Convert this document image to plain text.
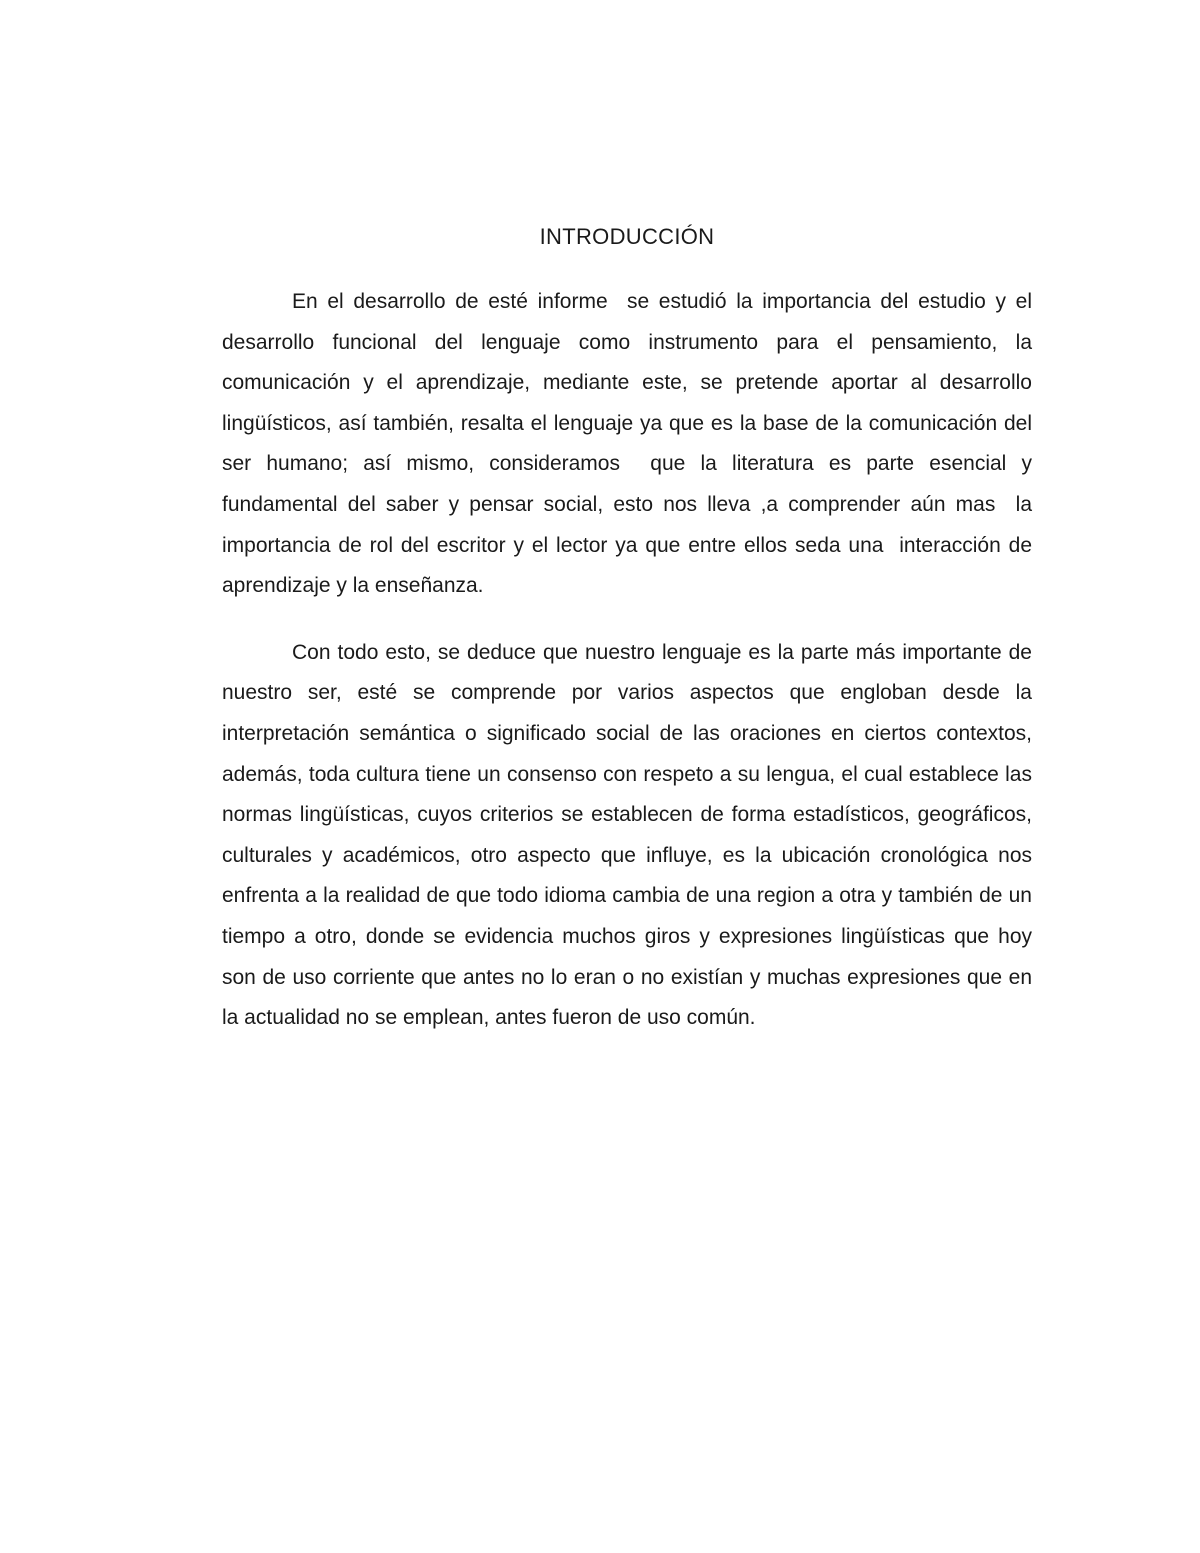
INTRODUCCIÓN

En el desarrollo de esté informe  se estudió la importancia del estudio y el desarrollo funcional del lenguaje como instrumento para el pensamiento, la comunicación y el aprendizaje, mediante este, se pretende aportar al desarrollo lingüísticos, así también, resalta el lenguaje ya que es la base de la comunicación del ser humano; así mismo, consideramos  que la literatura es parte esencial y fundamental del saber y pensar social, esto nos lleva ,a comprender aún mas  la importancia de rol del escritor y el lector ya que entre ellos seda una  interacción de aprendizaje y la enseñanza.

Con todo esto, se deduce que nuestro lenguaje es la parte más importante de nuestro ser, esté se comprende por varios aspectos que engloban desde la interpretación semántica o significado social de las oraciones en ciertos contextos, además, toda cultura tiene un consenso con respeto a su lengua, el cual establece las normas lingüísticas, cuyos criterios se establecen de forma estadísticos, geográficos, culturales y académicos, otro aspecto que influye, es la ubicación cronológica nos enfrenta a la realidad de que todo idioma cambia de una region a otra y también de un tiempo a otro, donde se evidencia muchos giros y expresiones lingüísticas que hoy son de uso corriente que antes no lo eran o no existían y muchas expresiones que en la actualidad no se emplean, antes fueron de uso común.
